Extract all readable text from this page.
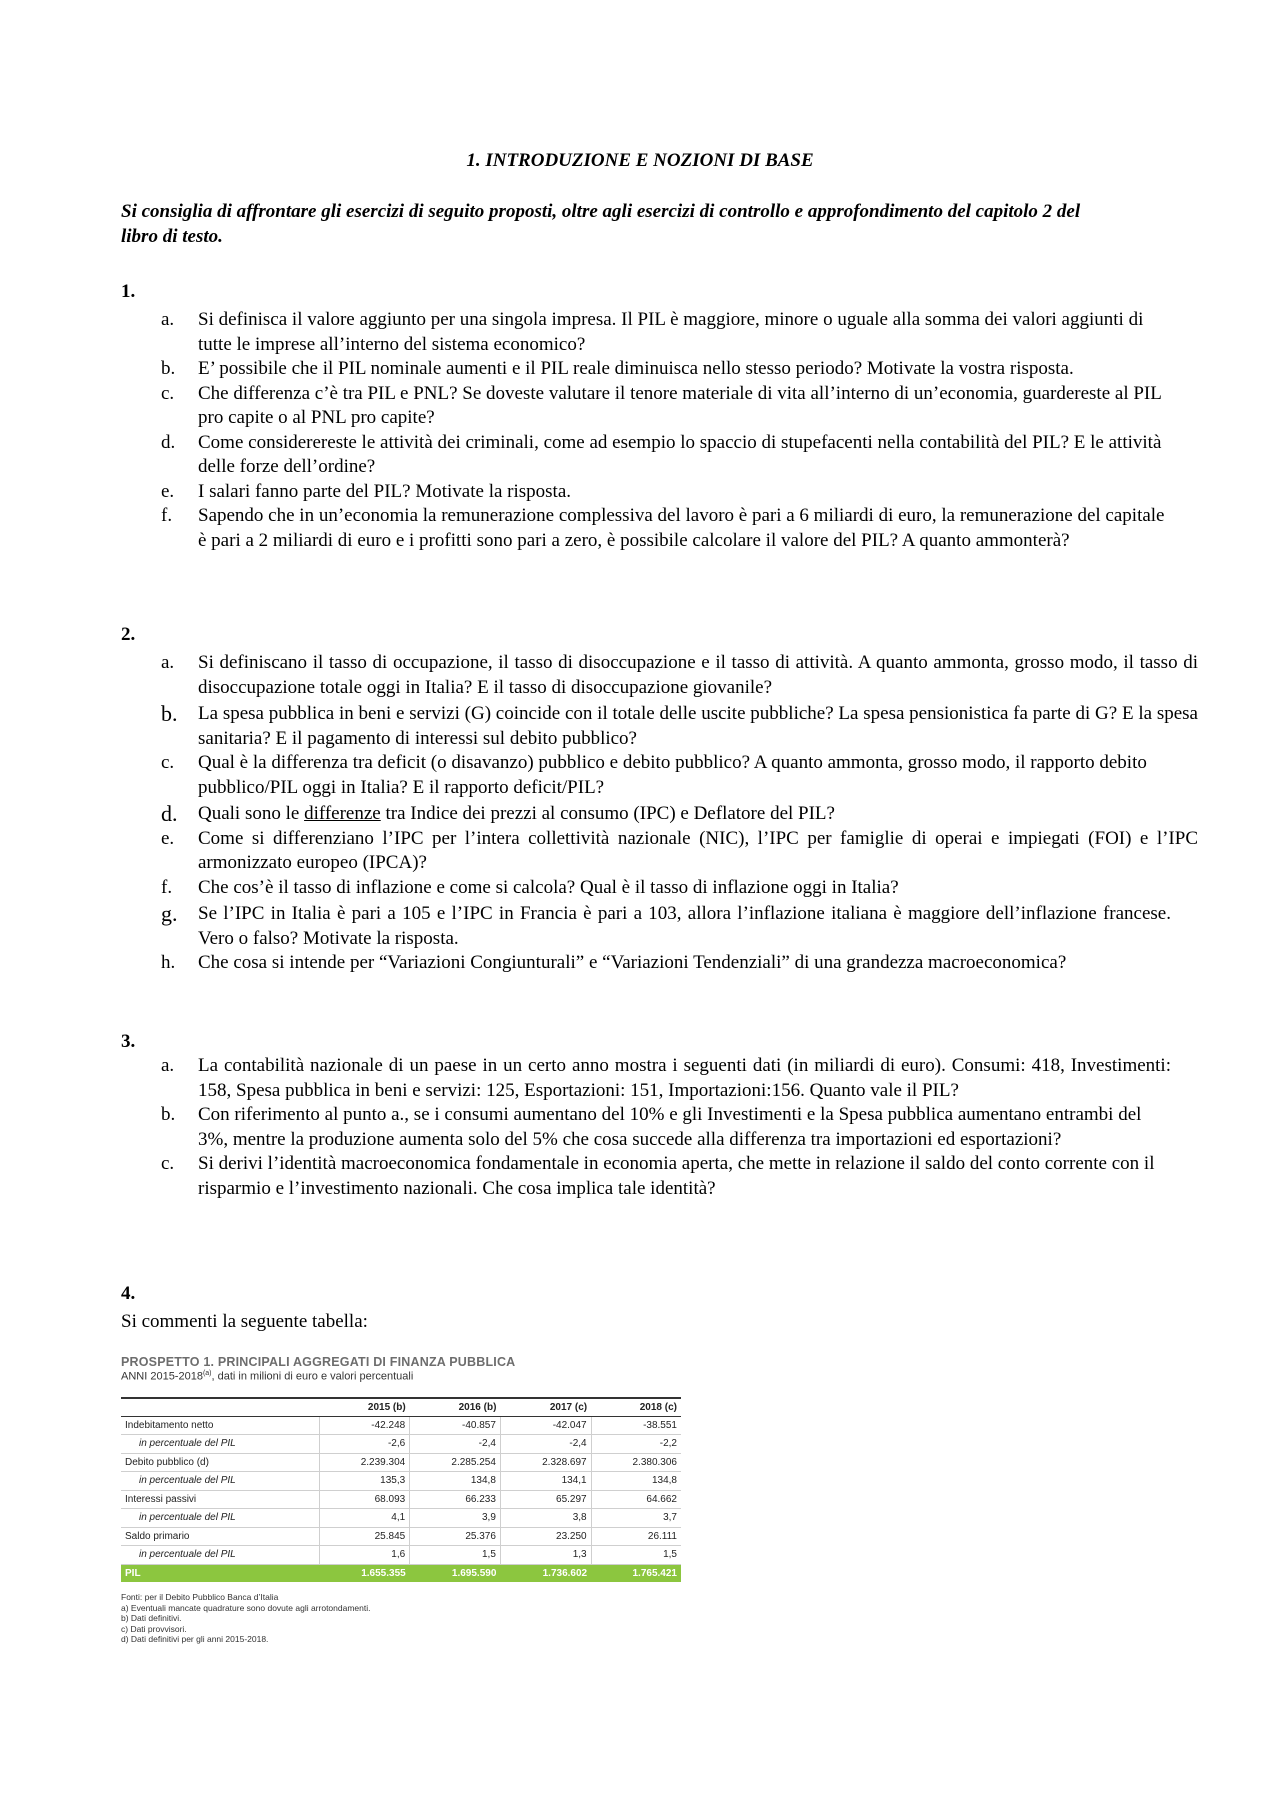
1. INTRODUZIONE E NOZIONI DI BASE
Si consiglia di affrontare gli esercizi di seguito proposti, oltre agli esercizi di controllo e approfondimento del capitolo 2 del libro di testo.
1.
a.	Si definisca il valore aggiunto per una singola impresa. Il PIL è maggiore, minore o uguale alla somma dei valori aggiunti di tutte le imprese all’interno del sistema economico?
b.	E’ possibile che il PIL nominale aumenti e il PIL reale diminuisca nello stesso periodo? Motivate la vostra risposta.
c.	Che differenza c’è tra PIL e PNL? Se doveste valutare il tenore materiale di vita all’interno di un’economia, guardereste al PIL pro capite o al PNL pro capite?
d.	Come considerereste le attività dei criminali, come ad esempio lo spaccio di stupefacenti nella contabilità del PIL? E le attività delle forze dell’ordine?
e.	I salari fanno parte del PIL? Motivate la risposta.
f.	Sapendo che in un’economia la remunerazione complessiva del lavoro è pari a 6 miliardi di euro, la remunerazione del capitale è pari a 2 miliardi di euro e i profitti sono pari a zero, è possibile calcolare il valore del PIL? A quanto ammonterà?
2.
a.	Si definiscano il tasso di occupazione, il tasso di disoccupazione e il tasso di attività. A quanto ammonta, grosso modo, il tasso di disoccupazione totale oggi in Italia? E il tasso di disoccupazione giovanile?
b.	La spesa pubblica in beni e servizi (G) coincide con il totale delle uscite pubbliche? La spesa pensionistica fa parte di G? E la spesa sanitaria? E il pagamento di interessi sul debito pubblico?
c.	Qual è la differenza tra deficit (o disavanzo) pubblico e debito pubblico? A quanto ammonta, grosso modo, il rapporto debito pubblico/PIL oggi in Italia? E il rapporto deficit/PIL?
d.	Quali sono le differenze tra Indice dei prezzi al consumo (IPC) e Deflatore del PIL?
e.	Come si differenziano l’IPC per l’intera collettività nazionale (NIC), l’IPC per famiglie di operai e impiegati (FOI) e l’IPC armonizzato europeo (IPCA)?
f.	Che cos’è il tasso di inflazione e come si calcola? Qual è il tasso di inflazione oggi in Italia?
g.	Se l’IPC in Italia è pari a 105 e l’IPC in Francia è pari a 103, allora l’inflazione italiana è maggiore dell’inflazione francese. Vero o falso? Motivate la risposta.
h.	Che cosa si intende per “Variazioni Congiunturali” e “Variazioni Tendenziali” di una grandezza macroeconomica?
3.
a.	La contabilità nazionale di un paese in un certo anno mostra i seguenti dati (in miliardi di euro). Consumi: 418, Investimenti: 158, Spesa pubblica in beni e servizi: 125, Esportazioni: 151, Importazioni:156. Quanto vale il PIL?
b.	Con riferimento al punto a., se i consumi aumentano del 10% e gli Investimenti e la Spesa pubblica aumentano entrambi del 3%, mentre la produzione aumenta solo del 5% che cosa succede alla differenza tra importazioni ed esportazioni?
c.	Si derivi l’identità macroeconomica fondamentale in economia aperta, che mette in relazione il saldo del conto corrente con il risparmio e l’investimento nazionali. Che cosa implica tale identità?
4.
Si commenti la seguente tabella:
PROSPETTO 1. PRINCIPALI AGGREGATI DI FINANZA PUBBLICA
ANNI 2015-2018$^{(a)}$, dati in milioni di euro e valori percentuali
	2015 (b)	2016 (b)	2017 (c)	2018 (c)
Indebitamento netto	-42.248	-40.857	-42.047	-38.551
in percentuale del PIL	-2,6	-2,4	-2,4	-2,2
Debito pubblico (d)	2.239.304	2.285.254	2.328.697	2.380.306
in percentuale del PIL	135,3	134,8	134,1	134,8
Interessi passivi	68.093	66.233	65.297	64.662
in percentuale del PIL	4,1	3,9	3,8	3,7
Saldo primario	25.845	25.376	23.250	26.111
in percentuale del PIL	1,6	1,5	1,3	1,5
PIL	1.655.355	1.695.590	1.736.602	1.765.421
Fonti: per il Debito Pubblico Banca d’Italia
a) Eventuali mancate quadrature sono dovute agli arrotondamenti.
b) Dati definitivi.
c) Dati provvisori.
d) Dati definitivi per gli anni 2015-2018.
